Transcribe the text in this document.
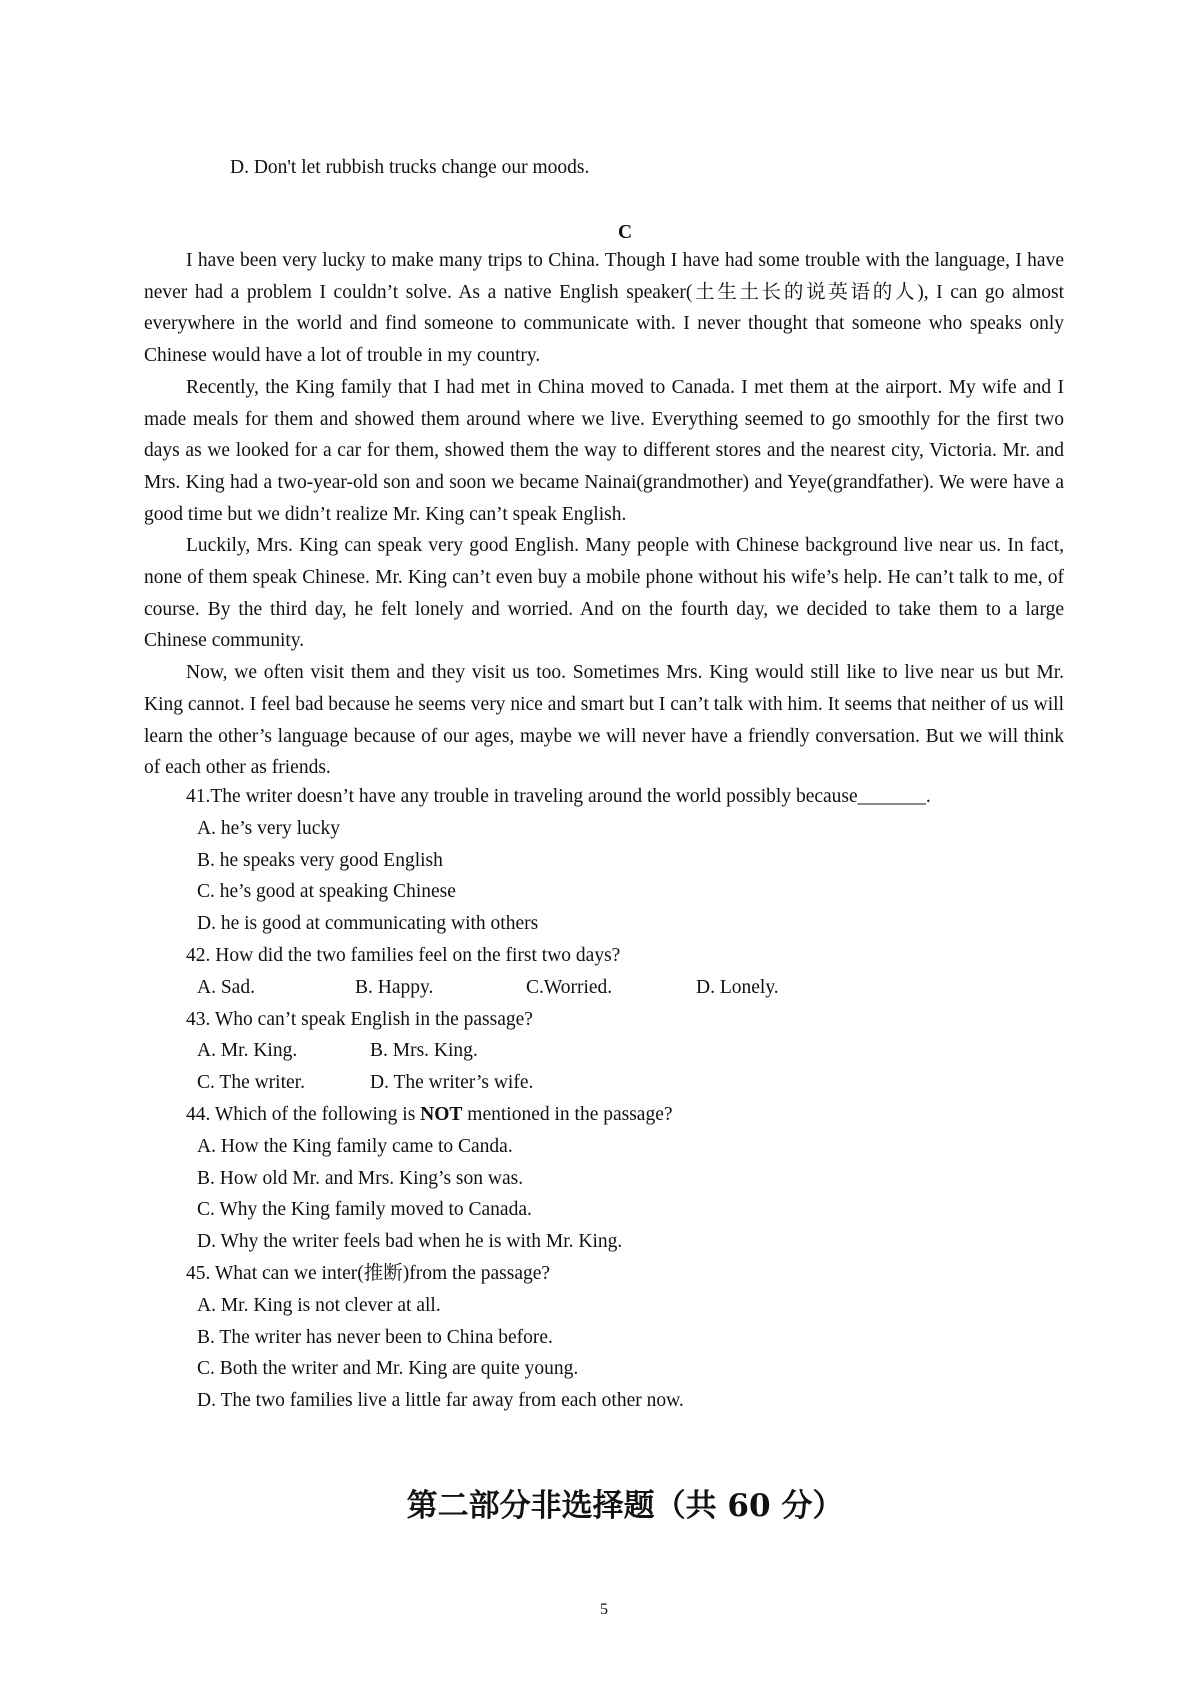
D. Don't let rubbish trucks change our moods.
C

I have been very lucky to make many trips to China. Though I have had some trouble with the language, I have never had a problem I couldn’t solve. As a native English speaker(土生土长的说英语的人), I can go almost everywhere in the world and find someone to communicate with. I never thought that someone who speaks only Chinese would have a lot of trouble in my country.

Recently, the King family that I had met in China moved to Canada. I met them at the airport. My wife and I made meals for them and showed them around where we live. Everything seemed to go smoothly for the first two days as we looked for a car for them, showed them the way to different stores and the nearest city, Victoria. Mr. and Mrs. King had a two-year-old son and soon we became Nainai(grandmother) and Yeye(grandfather). We were have a good time but we didn’t realize Mr. King can’t speak English.

Luckily, Mrs. King can speak very good English. Many people with Chinese background live near us. In fact, none of them speak Chinese. Mr. King can’t even buy a mobile phone without his wife’s help. He can’t talk to me, of course. By the third day, he felt lonely and worried. And on the fourth day, we decided to take them to a large Chinese community.

Now, we often visit them and they visit us too. Sometimes Mrs. King would still like to live near us but Mr. King cannot. I feel bad because he seems very nice and smart but I can’t talk with him. It seems that neither of us will learn the other’s language because of our ages, maybe we will never have a friendly conversation. But we will think of each other as friends.

41.The writer doesn’t have any trouble in traveling around the world possibly because_______.
A. he’s very lucky
B. he speaks very good English
C. he’s good at speaking Chinese
D. he is good at communicating with others
42. How did the two families feel on the first two days?
A. Sad.	B. Happy.	C.Worried.	D. Lonely.
43. Who can’t speak English in the passage?
A. Mr. King.	B. Mrs. King.
C. The writer.	D. The writer’s wife.
44. Which of the following is NOT mentioned in the passage?
A. How the King family came to Canda.
B. How old Mr. and Mrs. King’s son was.
C. Why the King family moved to Canada.
D. Why the writer feels bad when he is with Mr. King.
45. What can we inter(推断)from the passage?
A. Mr. King is not clever at all.
B. The writer has never been to China before.
C. Both the writer and Mr. King are quite young.
D. The two families live a little far away from each other now.
第二部分非选择题（共 60 分）
5
